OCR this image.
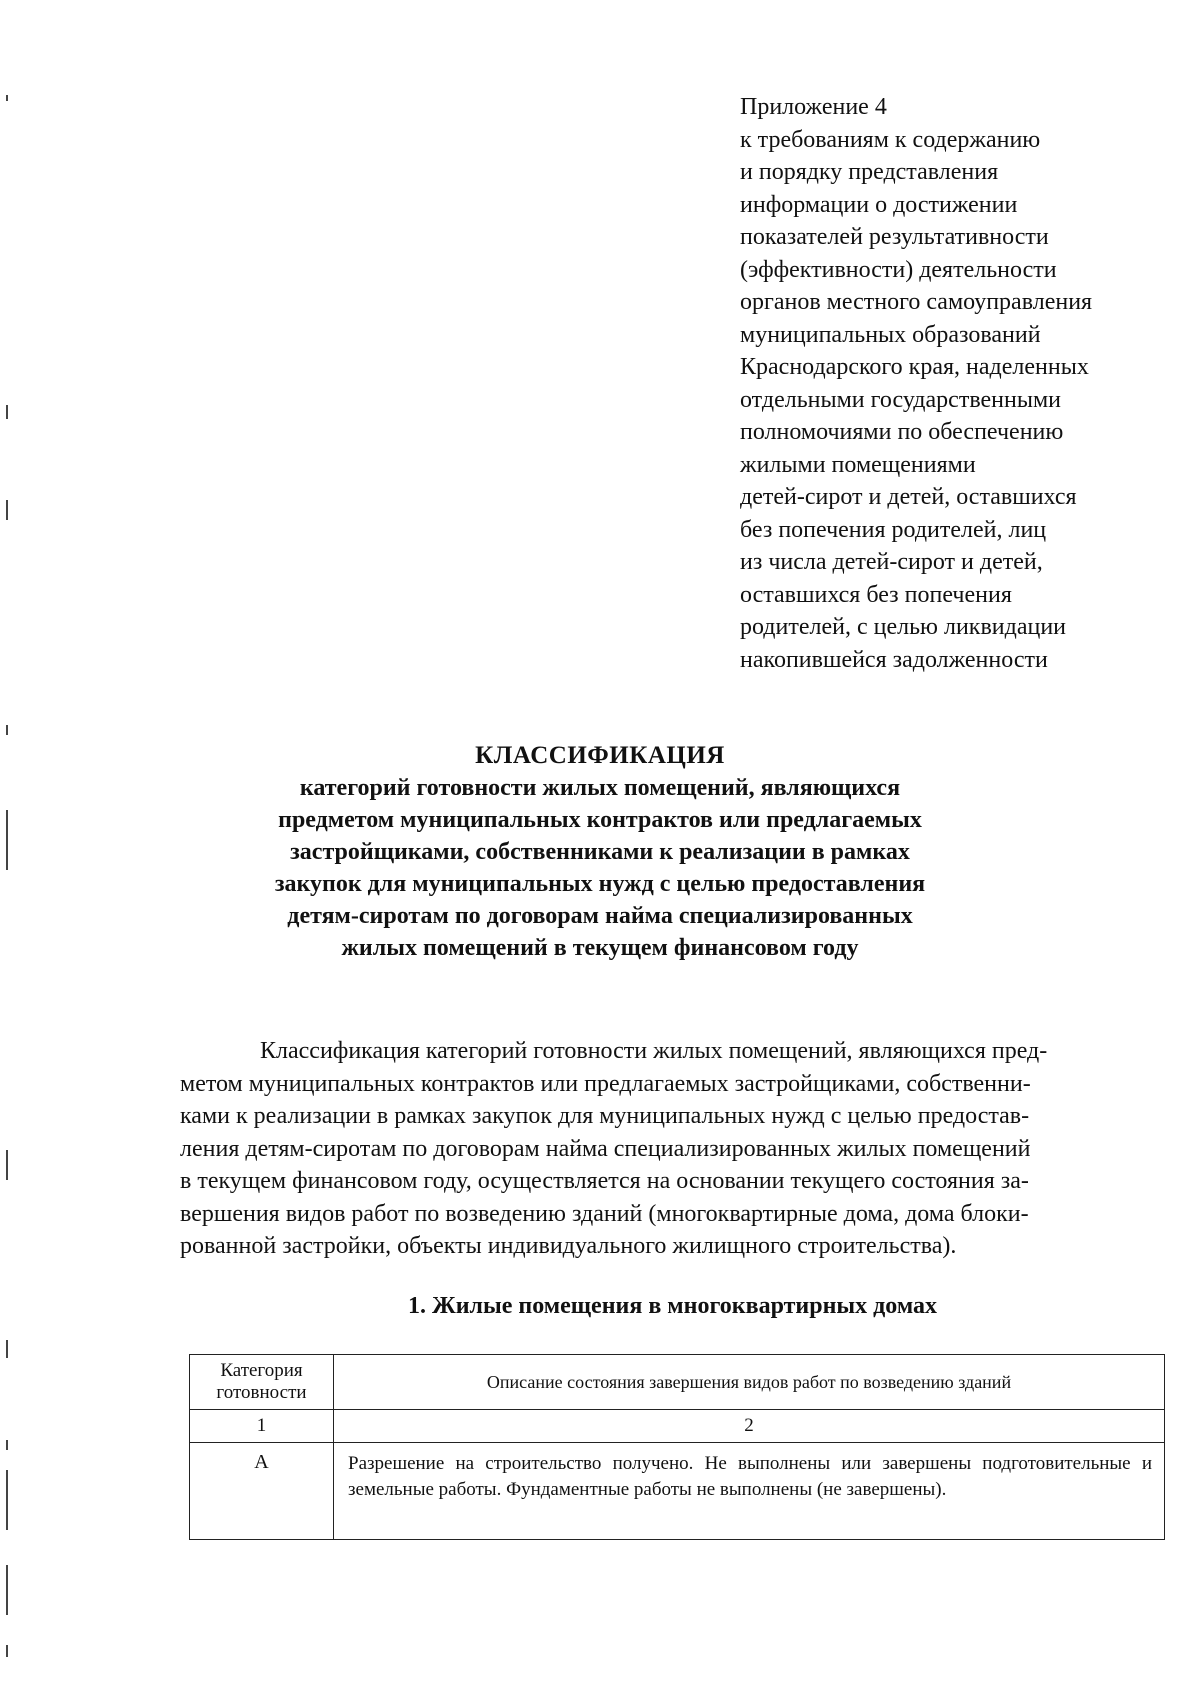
Приложение 4
к требованиям к содержанию
и порядку представления
информации о достижении
показателей результативности
(эффективности) деятельности
органов местного самоуправления
муниципальных образований
Краснодарского края, наделенных
отдельными государственными
полномочиями по обеспечению
жилыми помещениями
детей-сирот и детей, оставшихся
без попечения родителей, лиц
из числа детей-сирот и детей,
оставшихся без попечения
родителей, с целью ликвидации
накопившейся задолженности
КЛАССИФИКАЦИЯ
категорий готовности жилых помещений, являющихся
предметом муниципальных контрактов или предлагаемых
застройщиками, собственниками к реализации в рамках
закупок для муниципальных нужд с целью предоставления
детям-сиротам по договорам найма специализированных
жилых помещений в текущем финансовом году
Классификация категорий готовности жилых помещений, являющихся пред-
метом муниципальных контрактов или предлагаемых застройщиками, собственни-
ками к реализации в рамках закупок для муниципальных нужд с целью предостав-
ления детям-сиротам по договорам найма специализированных жилых помещений
в текущем финансовом году, осуществляется на основании текущего состояния за-
вершения видов работ по возведению зданий (многоквартирные дома, дома блоки-
рованной застройки, объекты индивидуального жилищного строительства).
1. Жилые помещения в многоквартирных домах
Категория
готовности	Описание состояния завершения видов работ по возведению зданий
1	2
А	Разрешение на строительство получено. Не выполнены или завершены подготовительные и земельные работы. Фундаментные работы не выполнены (не завершены).
